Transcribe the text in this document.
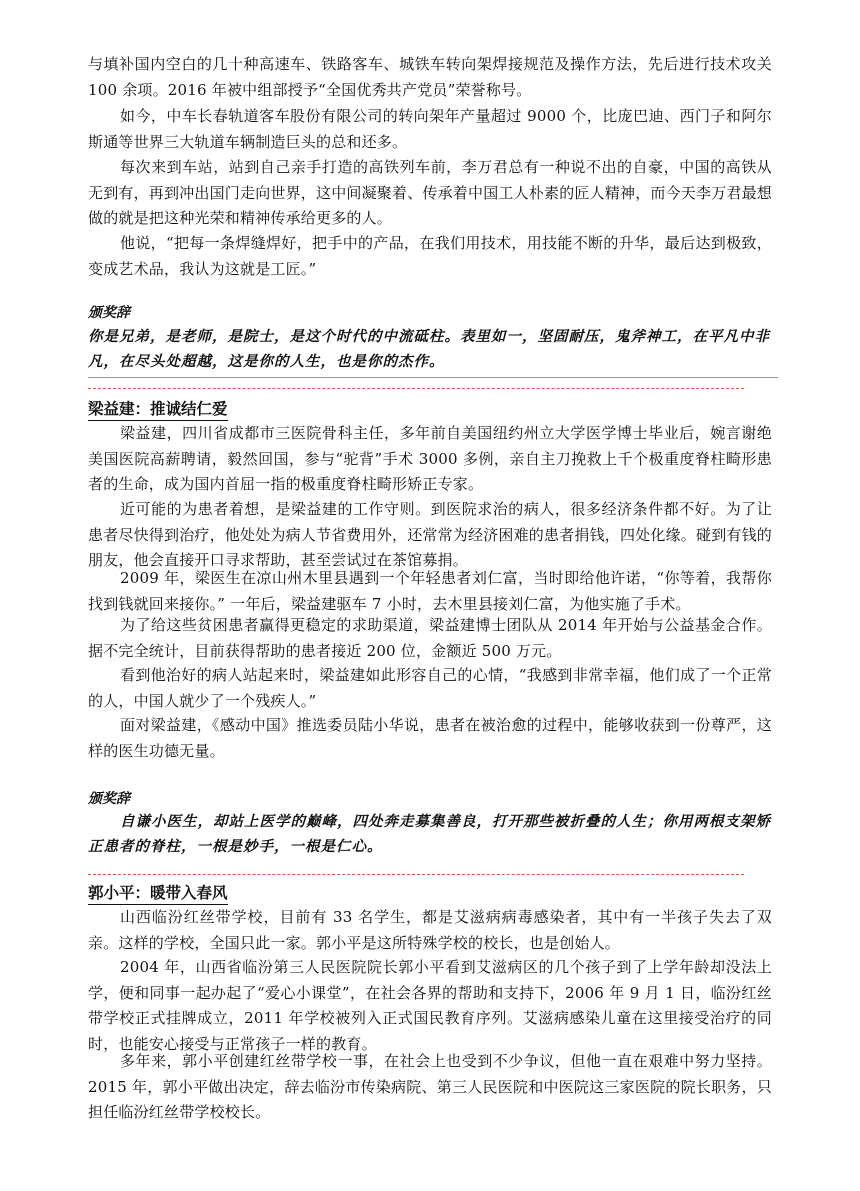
与填补国内空白的几十种高速车、铁路客车、城铁车转向架焊接规范及操作方法，先后进行技术攻关 100 余项。2016 年被中组部授予“全国优秀共产党员”荣誉称号。

如今，中车长春轨道客车股份有限公司的转向架年产量超过 9000 个，比庞巴迪、西门子和阿尔斯通等世界三大轨道车辆制造巨头的总和还多。

每次来到车站，站到自己亲手打造的高铁列车前，李万君总有一种说不出的自豪，中国的高铁从无到有，再到冲出国门走向世界，这中间凝聚着、传承着中国工人朴素的匠人精神，而今天李万君最想做的就是把这种光荣和精神传承给更多的人。

他说，“把每一条焊缝焊好，把手中的产品，在我们用技术，用技能不断的升华，最后达到极致，变成艺术品，我认为这就是工匠。”

颁奖辞

你是兄弟，是老师，是院士，是这个时代的中流砥柱。表里如一，坚固耐压，鬼斧神工，在平凡中非凡，在尽头处超越，这是你的人生，也是你的杰作。

梁益建：推诚结仁爱

梁益建，四川省成都市三医院骨科主任，多年前自美国纽约州立大学医学博士毕业后，婉言谢绝美国医院高薪聘请，毅然回国，参与“驼背”手术 3000 多例，亲自主刀挽救上千个极重度脊柱畸形患者的生命，成为国内首屈一指的极重度脊柱畸形矫正专家。

近可能的为患者着想，是梁益建的工作守则。到医院求治的病人，很多经济条件都不好。为了让患者尽快得到治疗，他处处为病人节省费用外，还常常为经济困难的患者捐钱，四处化缘。碰到有钱的朋友，他会直接开口寻求帮助，甚至尝试过在茶馆募捐。

2009 年，梁医生在凉山州木里县遇到一个年轻患者刘仁富，当时即给他许诺，“你等着，我帮你找到钱就回来接你。” 一年后，梁益建驱车 7 小时，去木里县接刘仁富，为他实施了手术。

为了给这些贫困患者赢得更稳定的求助渠道，梁益建博士团队从 2014 年开始与公益基金合作。据不完全统计，目前获得帮助的患者接近 200 位，金额近 500 万元。

看到他治好的病人站起来时，梁益建如此形容自己的心情，“我感到非常幸福，他们成了一个正常的人，中国人就少了一个残疾人。”

面对梁益建，《感动中国》推选委员陆小华说，患者在被治愈的过程中，能够收获到一份尊严，这样的医生功德无量。

颁奖辞

自谦小医生，却站上医学的巅峰，四处奔走募集善良，打开那些被折叠的人生；你用两根支架矫正患者的脊柱，一根是妙手，一根是仁心。

郭小平：暖带入春风

山西临汾红丝带学校，目前有 33 名学生，都是艾滋病病毒感染者，其中有一半孩子失去了双亲。这样的学校，全国只此一家。郭小平是这所特殊学校的校长，也是创始人。

2004 年，山西省临汾第三人民医院院长郭小平看到艾滋病区的几个孩子到了上学年龄却没法上学，便和同事一起办起了“爱心小课堂”，在社会各界的帮助和支持下，2006 年 9 月 1 日，临汾红丝带学校正式挂牌成立，2011 年学校被列入正式国民教育序列。艾滋病感染儿童在这里接受治疗的同时，也能安心接受与正常孩子一样的教育。

多年来，郭小平创建红丝带学校一事，在社会上也受到不少争议，但他一直在艰难中努力坚持。2015 年，郭小平做出决定，辞去临汾市传染病院、第三人民医院和中医院这三家医院的院长职务，只担任临汾红丝带学校校长。
